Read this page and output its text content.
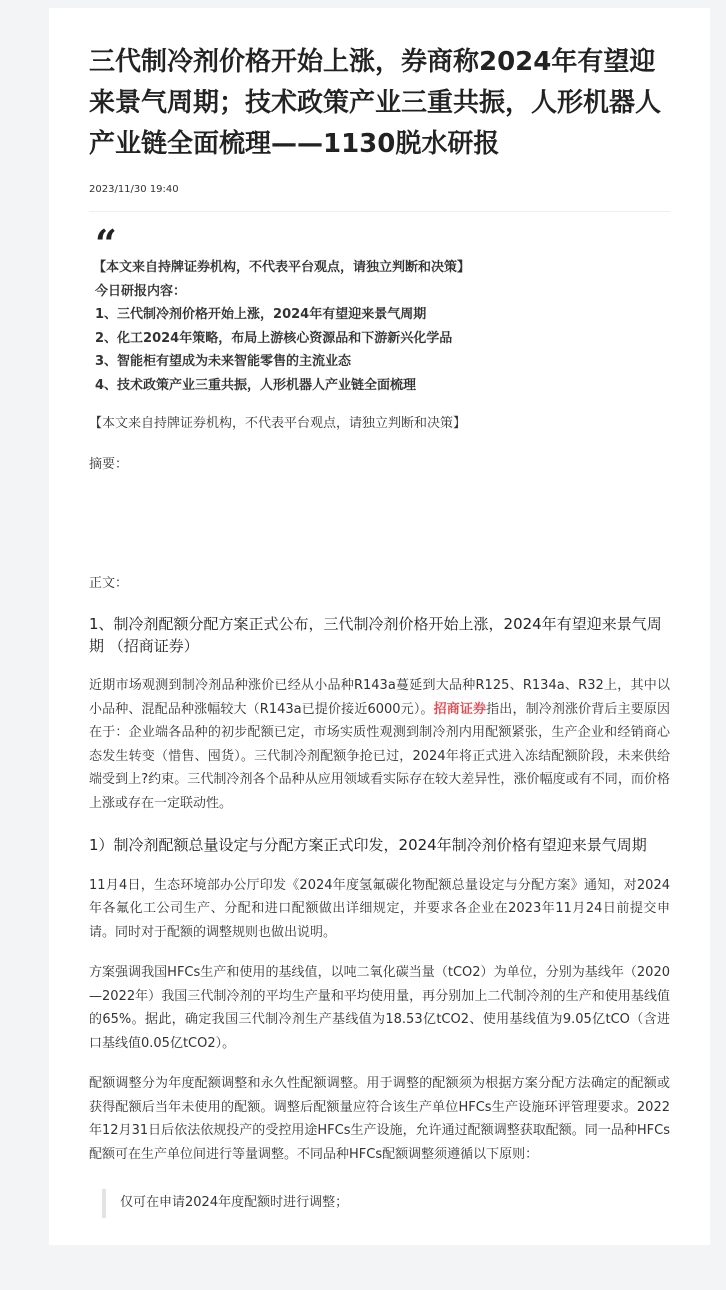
三代制冷剂价格开始上涨，券商称2024年有望迎来景气周期；技术政策产业三重共振，人形机器人产业链全面梳理——1130脱水研报
2023/11/30 19:40
“
【本文来自持牌证券机构，不代表平台观点，请独立判断和决策】
今日研报内容：
1、三代制冷剂价格开始上涨，2024年有望迎来景气周期
2、化工2024年策略，布局上游核心资源品和下游新兴化学品
3、智能柜有望成为未来智能零售的主流业态
4、技术政策产业三重共振，人形机器人产业链全面梳理
【本文来自持牌证券机构，不代表平台观点，请独立判断和决策】
摘要：
正文：
1、制冷剂配额分配方案正式公布，三代制冷剂价格开始上涨，2024年有望迎来景气周期 （招商证券）

近期市场观测到制冷剂品种涨价已经从小品种R143a蔓延到大品种R125、R134a、R32上，其中以小品种、混配品种涨幅较大（R143a已提价接近6000元）。招商证券指出，制冷剂涨价背后主要原因在于：企业端各品种的初步配额已定，市场实质性观测到制冷剂内用配额紧张，生产企业和经销商心态发生转变（惜售、囤货）。三代制冷剂配额争抢已过，2024年将正式进入冻结配额阶段，未来供给端受到上?约束。三代制冷剂各个品种从应用领域看实际存在较大差异性，涨价幅度或有不同，而价格上涨或存在一定联动性。

1）制冷剂配额总量设定与分配方案正式印发，2024年制冷剂价格有望迎来景气周期

11月4日，生态环境部办公厅印发《2024年度氢氟碳化物配额总量设定与分配方案》通知，对2024年各氟化工公司生产、分配和进口配额做出详细规定，并要求各企业在2023年11月24日前提交申请。同时对于配额的调整规则也做出说明。

方案强调我国HFCs生产和使用的基线值，以吨二氧化碳当量（tCO2）为单位，分别为基线年（2020—2022年）我国三代制冷剂的平均生产量和平均使用量，再分别加上二代制冷剂的生产和使用基线值的65%。据此，确定我国三代制冷剂生产基线值为18.53亿tCO2、使用基线值为9.05亿tCO（含进口基线值0.05亿tCO2）。

配额调整分为年度配额调整和永久性配额调整。用于调整的配额须为根据方案分配方法确定的配额或获得配额后当年未使用的配额。调整后配额量应符合该生产单位HFCs生产设施环评管理要求。2022年12月31日后依法依规投产的受控用途HFCs生产设施，允许通过配额调整获取配额。同一品种HFCs配额可在生产单位间进行等量调整。不同品种HFCs配额调整须遵循以下原则：

仅可在申请2024年度配额时进行调整；
